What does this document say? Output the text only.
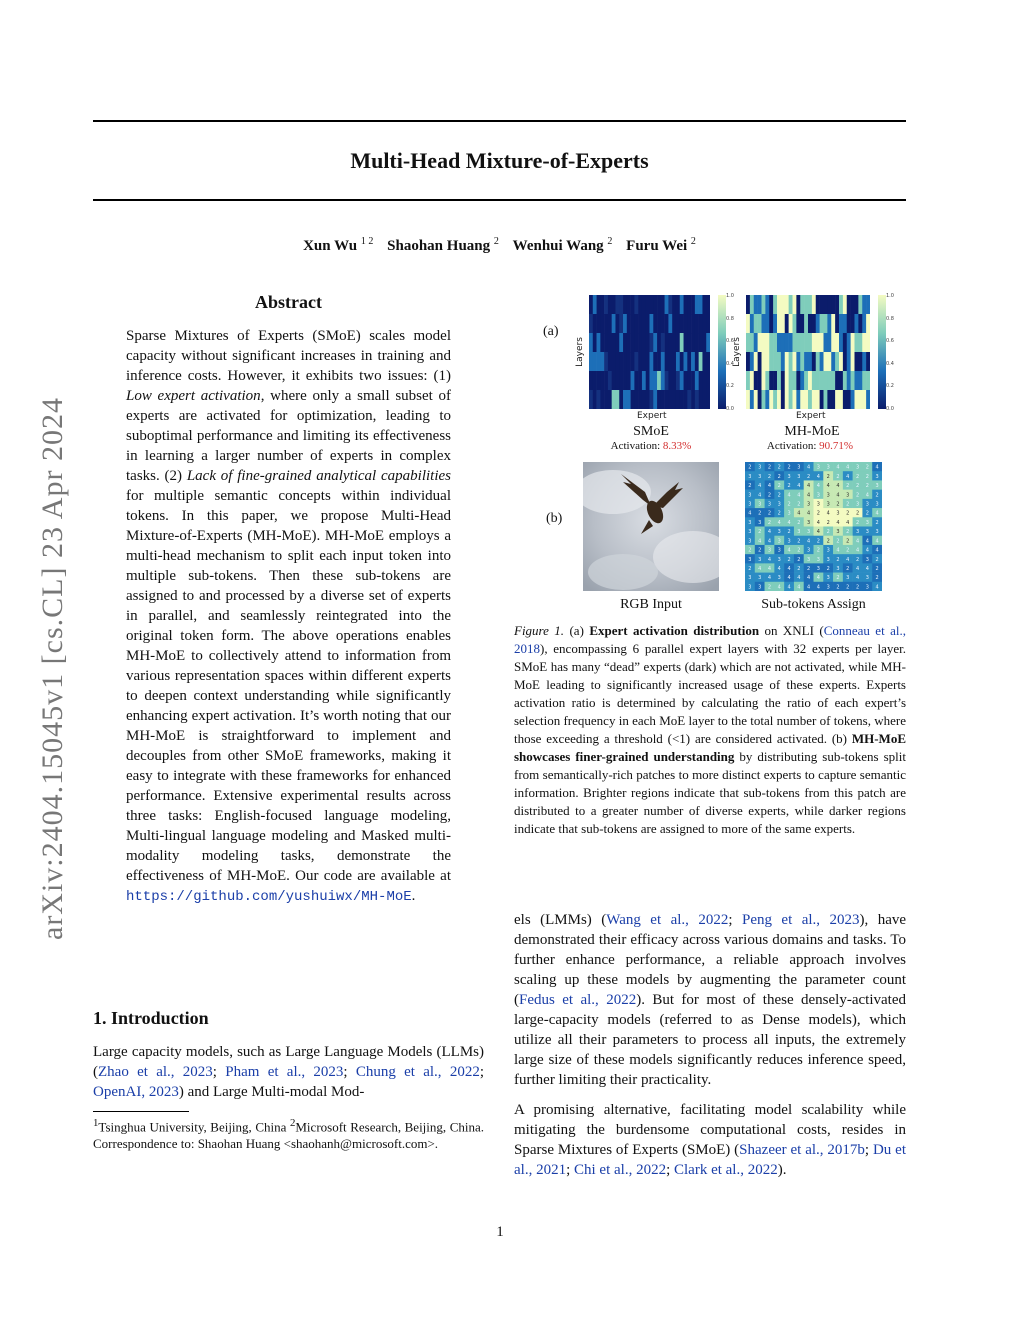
Multi-Head Mixture-of-Experts
Xun Wu $^{1 2}$ Shaohan Huang $^2$ Wenhui Wang $^2$ Furu Wei $^2$
arXiv:2404.15045v1 [cs.CL] 23 Apr 2024
Abstract
Sparse Mixtures of Experts (SMoE) scales model capacity without significant increases in training and inference costs. However, it exhibits two issues: (1) Low expert activation, where only a small subset of experts are activated for optimization, leading to suboptimal performance and limiting its effectiveness in learning a larger number of experts in complex tasks. (2) Lack of fine-grained analytical capabilities for multiple semantic concepts within individual tokens. In this paper, we propose Multi-Head Mixture-of-Experts (MH-MoE). MH-MoE employs a multi-head mechanism to split each input token into multiple sub-tokens. Then these sub-tokens are assigned to and processed by a diverse set of experts in parallel, and seamlessly reintegrated into the original token form. The above operations enables MH-MoE to collectively attend to information from various representation spaces within different experts to deepen context understanding while significantly enhancing expert activation. It’s worth noting that our MH-MoE is straightforward to implement and decouples from other SMoE frameworks, making it easy to integrate with these frameworks for enhanced performance. Extensive experimental results across three tasks: English-focused language modeling, Multi-lingual language modeling and Masked multi-modality modeling tasks, demonstrate the effectiveness of MH-MoE. Our code are available at https://github.com/yushuiwx/MH-MoE.
1. Introduction
Large capacity models, such as Large Language Models (LLMs) (Zhao et al., 2023; Pham et al., 2023; Chung et al., 2022; OpenAI, 2023) and Large Multi-modal Mod-
$^1$Tsinghua University, Beijing, China $^2$Microsoft Research, Beijing, China. Correspondence to: Shaohan Huang <shaohanh@microsoft.com>.
(a)
(b)
Expert
Layers
SMoE
Activation: 8.33%
Expert
Layers
MH-MoE
Activation: 90.71%
1.0
0.8
0.6
0.4
0.2
0.0
1.0
0.8
0.6
0.4
0.2
0.0
2 3 2 2 2 3 4 3 3 4 4 3 2 4
3 3 2 2 3 3 2 4 2 2 4 2 2 3
2 4 4 2 2 4 4 4 4 4 2 2 2 3
3 4 2 2 4 4 4 3 3 4 3 2 4 2
3 3 3 3 2 2 3 3 3 2 2 3 3 3
4 2 2 2 3 4 4 2 4 3 2 2 2 4
3 3 2 4 4 2 3 4 2 4 4 2 3 2
3 2 4 3 2 3 3 4 2 3 2 3 3 3
3 4 4 3 3 2 4 2 2 2 2 4 4 4
2 2 3 3 4 2 3 2 3 4 2 4 4 4
3 3 4 3 2 2 3 3 3 2 4 2 3 2
2 4 4 4 4 2 2 3 2 3 2 4 4 2
3 3 4 3 4 4 4 4 3 2 3 4 3 2
3 3 2 4 4 4 4 4 3 2 2 2 3 4
RGB Input	Sub-tokens Assign
Figure 1. (a) Expert activation distribution on XNLI (Conneau et al., 2018), encompassing 6 parallel expert layers with 32 experts per layer. SMoE has many “dead” experts (dark) which are not activated, while MH-MoE leading to significantly increased usage of these experts. Experts activation ratio is determined by calculating the ratio of each expert’s selection frequency in each MoE layer to the total number of tokens, where those exceeding a threshold (<1) are considered activated. (b) MH-MoE showcases finer-grained understanding by distributing sub-tokens split from semantically-rich patches to more distinct experts to capture semantic information. Brighter regions indicate that sub-tokens from this patch are distributed to a greater number of diverse experts, while darker regions indicate that sub-tokens are assigned to more of the same experts.

els (LMMs) (Wang et al., 2022; Peng et al., 2023), have demonstrated their efficacy across various domains and tasks. To further enhance performance, a reliable approach involves scaling up these models by augmenting the parameter count (Fedus et al., 2022). But for most of these densely-activated large-capacity models (referred to as Dense models), which utilize all their parameters to process all inputs, the extremely large size of these models significantly reduces inference speed, further limiting their practicality.

A promising alternative, facilitating model scalability while mitigating the burdensome computational costs, resides in Sparse Mixtures of Experts (SMoE) (Shazeer et al., 2017b; Du et al., 2021; Chi et al., 2022; Clark et al., 2022).

1
